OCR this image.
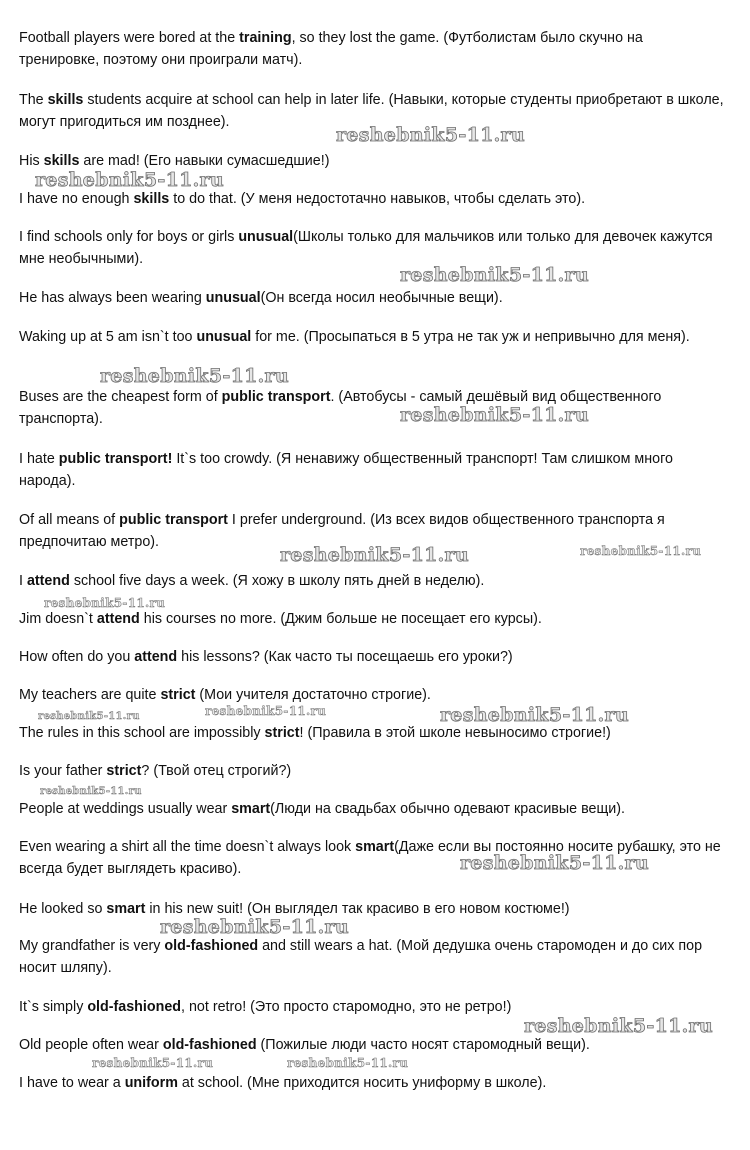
Football players were bored at the training, so they lost the game. (Футболистам было скучно на тренировке, поэтому они проиграли матч).

The skills students acquire at school can help in later life. (Навыки, которые студенты приобретают в школе, могут пригодиться им позднее).

His skills are mad! (Его навыки сумасшедшие!)

I have no enough skills to do that. (У меня недостотачно навыков, чтобы сделать это).

I find schools only for boys or girls unusual(Школы только для мальчиков или только для девочек кажутся мне необычными).

He has always been wearing unusual(Он всегда носил необычные вещи).

Waking up at 5 am isn`t too unusual for me. (Просыпаться в 5 утра не так уж и непривычно для меня).

Buses are the cheapest form of public transport. (Автобусы - самый дешёвый вид общественного транспорта).

I hate public transport! It`s too crowdy. (Я ненавижу общественный транспорт! Там слишком много народа).

Of all means of public transport I prefer underground. (Из всех видов общественного транспорта я предпочитаю метро).

I attend school five days a week. (Я хожу в школу пять дней в неделю).

Jim doesn`t attend his courses no more. (Джим больше не посещает его курсы).

How often do you attend his lessons? (Как часто ты посещаешь его уроки?)

My teachers are quite strict (Мои учителя достаточно строгие).

The rules in this school are impossibly strict! (Правила в этой школе невыносимо строгие!)

Is your father strict? (Твой отец строгий?)

People at weddings usually wear smart(Люди на свадьбах обычно одевают красивые вещи).

Even wearing a shirt all the time doesn`t always look smart(Даже если вы постоянно носите рубашку, это не всегда будет выглядеть красиво).

He looked so smart in his new suit! (Он выглядел так красиво в его новом костюме!)

My grandfather is very old-fashioned and still wears a hat. (Мой дедушка очень старомоден и до сих пор носит шляпу).

It`s simply old-fashioned, not retro! (Это просто старомодно, это не ретро!)

Old people often wear old-fashioned (Пожилые люди часто носят старомодный вещи).

I have to wear a uniform at school. (Мне приходится носить униформу в школе).

reshebnik5-11.ru
reshebnik5-11.ru
reshebnik5-11.ru
reshebnik5-11.ru
reshebnik5-11.ru
reshebnik5-11.ru	reshebnik5-11.ru
reshebnik5-11.ru
reshebnik5-11.ru	reshebnik5-11.ru	reshebnik5-11.ru
reshebnik5-11.ru
reshebnik5-11.ru
reshebnik5-11.ru
reshebnik5-11.ru
reshebnik5-11.ru	reshebnik5-11.ru
